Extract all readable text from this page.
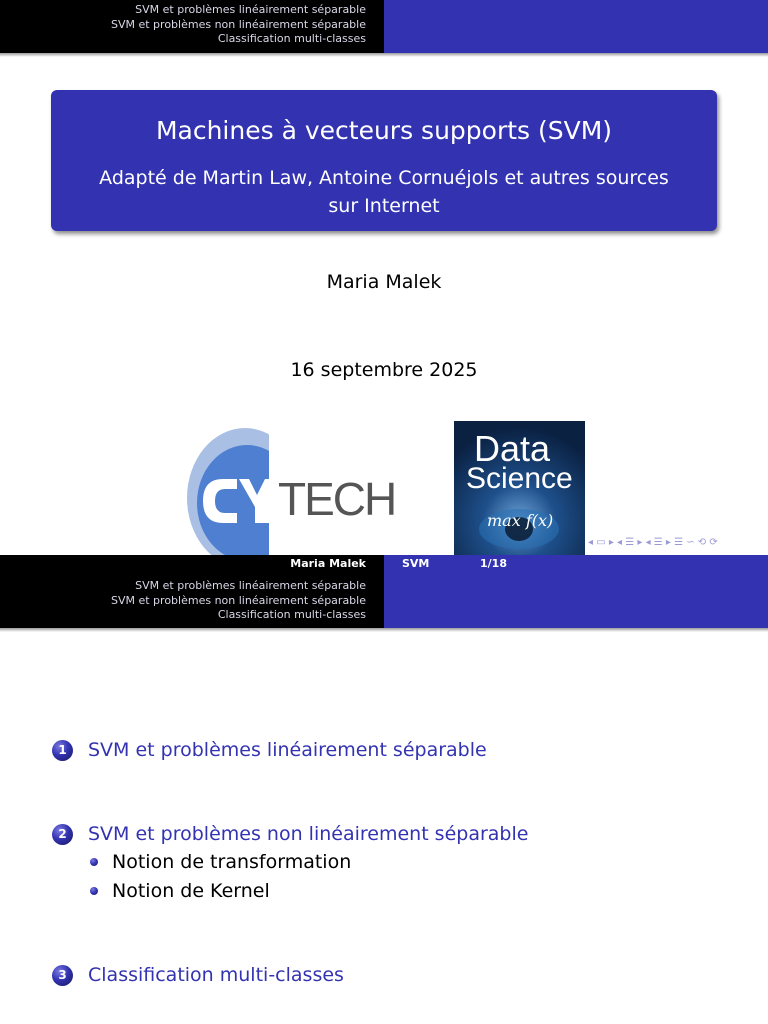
SVM et problèmes linéairement séparable
SVM et problèmes non linéairement séparable
Classification multi-classes
Machines à vecteurs supports (SVM)
Adapté de Martin Law, Antoine Cornuéjols et autres sources sur Internet
Maria Malek
16 septembre 2025
TECH
Data
Science
max f(x)
◂ ▭ ▸ ◂ ☰ ▸ ◂ ☰ ▸ ☰ ∽ ⟲ ⟳
Maria Malek	SVM	1/18
SVM et problèmes linéairement séparable
SVM et problèmes non linéairement séparable
Classification multi-classes
1	SVM et problèmes linéairement séparable
2	SVM et problèmes non linéairement séparable
Notion de transformation
Notion de Kernel
3	Classification multi-classes
